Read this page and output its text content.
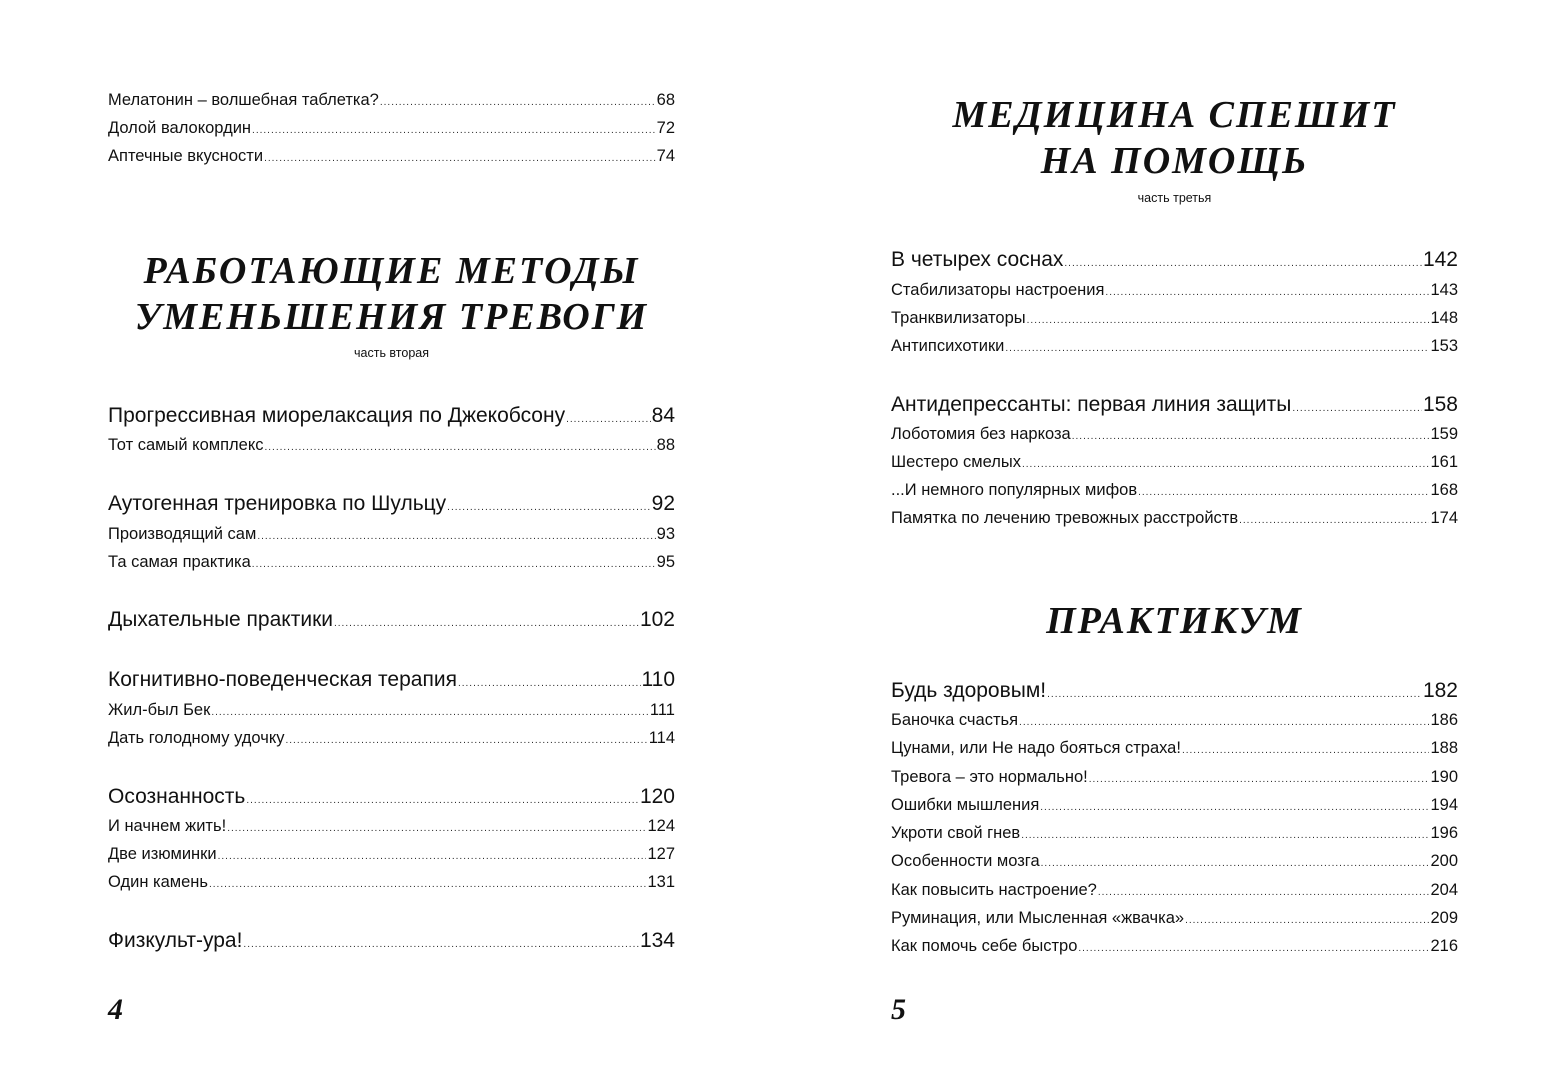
Мелатонин – волшебная таблетка? .....	68
Долой валокордин .....	72
Аптечные вкусности .....	74
РАБОТАЮЩИЕ МЕТОДЫ
УМЕНЬШЕНИЯ ТРЕВОГИ
часть вторая
Прогрессивная миорелаксация по Джекобсону .....	84
Тот самый комплекс .....	88
Аутогенная тренировка по Шульцу .....	92
Производящий сам .....	93
Та самая практика .....	95
Дыхательные практики .....	102
Когнитивно-поведенческая терапия .....	110
Жил-был Бек .....	111
Дать голодному удочку .....	114
Осознанность .....	120
И начнем жить! .....	124
Две изюминки .....	127
Один камень .....	131
Физкульт-ура! .....	134
4
МЕДИЦИНА СПЕШИТ
НА ПОМОЩЬ
часть третья
В четырех соснах .....	142
Стабилизаторы настроения .....	143
Транквилизаторы .....	148
Антипсихотики .....	153
Антидепрессанты: первая линия защиты .....	158
Лоботомия без наркоза .....	159
Шестеро смелых .....	161
...И немного популярных мифов .....	168
Памятка по лечению тревожных расстройств .....	174
ПРАКТИКУМ
Будь здоровым! .....	182
Баночка счастья .....	186
Цунами, или Не надо бояться страха! .....	188
Тревога – это нормально! .....	190
Ошибки мышления .....	194
Укроти свой гнев .....	196
Особенности мозга .....	200
Как повысить настроение? .....	204
Руминация, или Мысленная «жвачка» .....	209
Как помочь себе быстро .....	216
5
